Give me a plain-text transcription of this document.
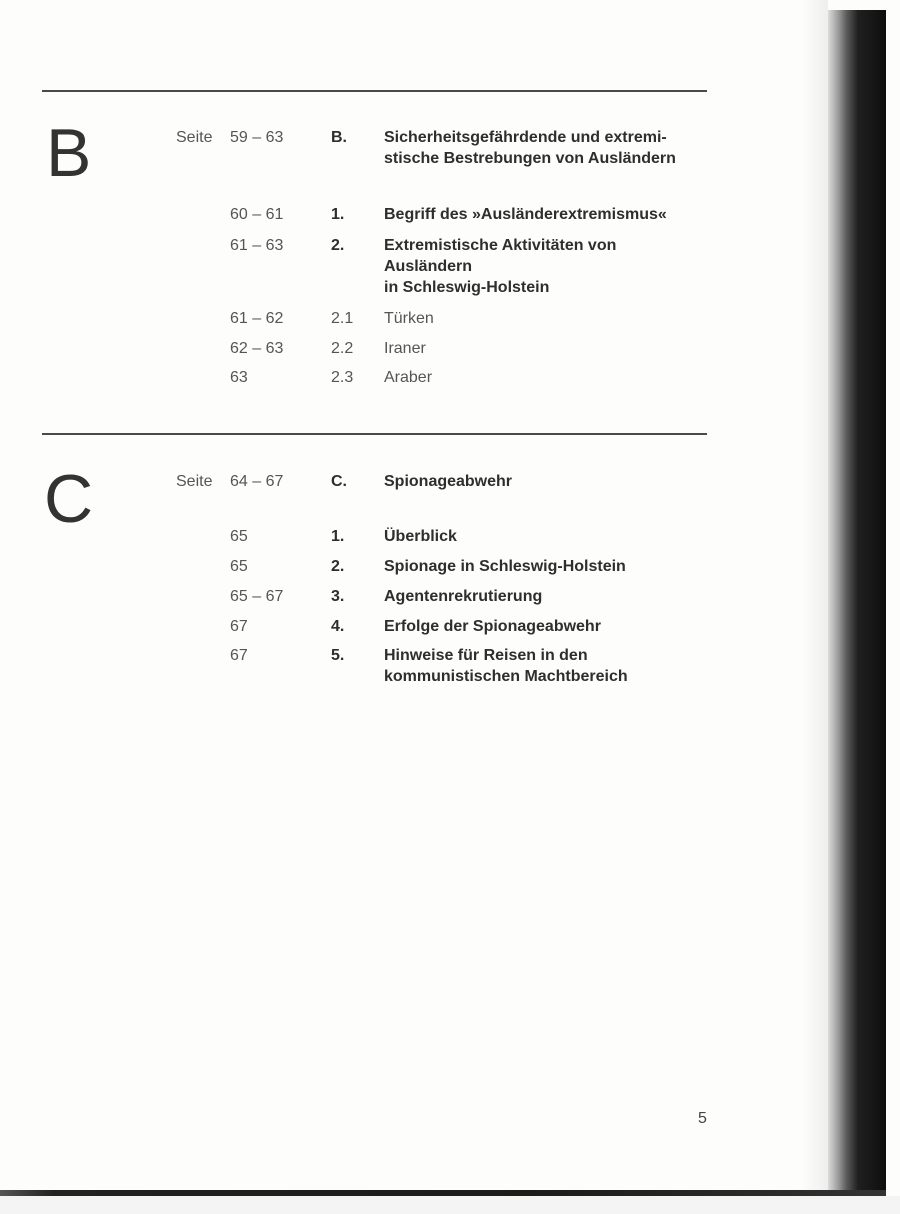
B	Seite 59 – 63	B. Sicherheitsgefährdende und extremi-
stische Bestrebungen von Ausländern
60 – 61	1. Begriff des »Ausländerextremismus«
61 – 63	2. Extremistische Aktivitäten von
Ausländern
in Schleswig-Holstein
61 – 62	2.1 Türken
62 – 63	2.2 Iraner
63	2.3 Araber
C	Seite 64 – 67	C. Spionageabwehr
65	1. Überblick
65	2. Spionage in Schleswig-Holstein
65 – 67	3. Agentenrekrutierung
67	4. Erfolge der Spionageabwehr
67	5. Hinweise für Reisen in den
kommunistischen Machtbereich
5
